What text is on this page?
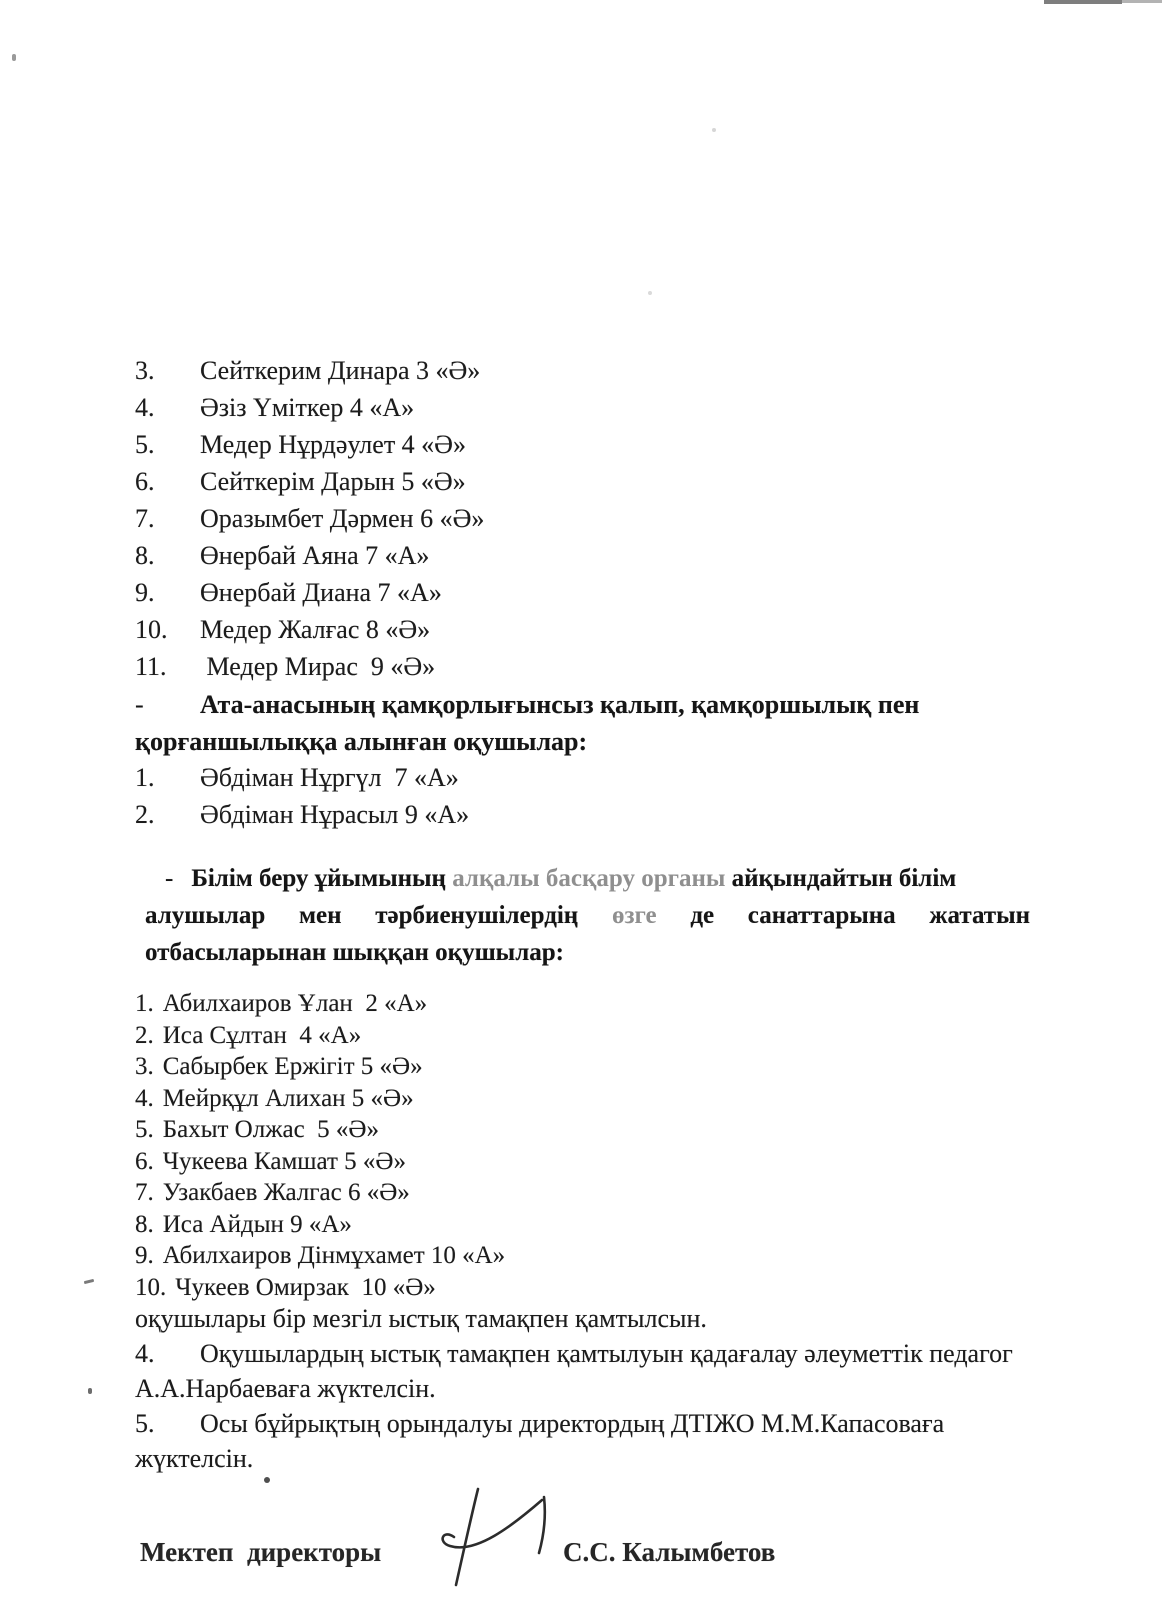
3.	Сейткерим Динара 3 «Ә»
4.	Әзіз Үміткер 4 «А»
5.	Медер Нұрдәулет 4 «Ә»
6.	Сейткерім Дарын 5 «Ә»
7.	Оразымбет Дәрмен 6 «Ә»
8.	Өнербай Аяна 7 «А»
9.	Өнербай Диана 7 «А»
10.	Медер Жалғас 8 «Ә»
11.	Медер Мирас  9 «Ә»
-	Ата-анасының қамқорлығынсыз қалып, қамқоршылық пен
қорғаншылыққа алынған оқушылар:
1.	Әбдіман Нұргүл  7 «А»
2.	Әбдіман Нұрасыл 9 «А»
- Білім беру ұйымының алқалы басқару органы айқындайтын білім
алушылар мен тәрбиенушілердің өзге де санаттарына жататын
отбасыларынан шыққан оқушылар:
1. Абилхаиров Ұлан  2 «А»
2. Иса Сұлтан  4 «А»
3. Сабырбек Ержігіт 5 «Ә»
4. Мейрқұл Алихан 5 «Ә»
5. Бахыт Олжас  5 «Ә»
6. Чукеева Камшат 5 «Ә»
7. Узакбаев Жалгас 6 «Ә»
8. Иса Айдын 9 «А»
9. Абилхаиров Дінмұхамет 10 «А»
10. Чукеев Омирзак  10 «Ә»
оқушылары бір мезгіл ыстық тамақпен қамтылсын.
4.	Оқушылардың ыстық тамақпен қамтылуын қадағалау әлеуметтік педагог
А.А.Нарбаеваға жүктелсін.
5.	Осы бұйрықтың орындалуы директордың ДТІЖО М.М.Капасоваға
жүктелсін.
Мектеп  директоры	С.С. Калымбетов
